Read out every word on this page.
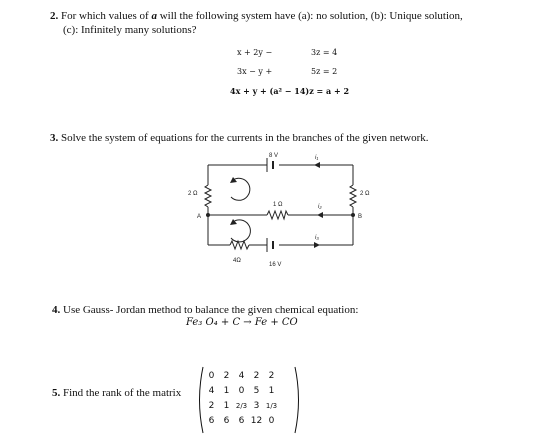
2. For which values of a will the following system have (a): no solution, (b): Unique solution,
(c): Infinitely many solutions?
x + 2y −	3z = 4
3x − y +	5z = 2
4x + y + (a² − 14)z = a + 2
3. Solve the system of equations for the currents in the branches of the given network.
8 V
16 V
2 Ω	2 Ω
1 Ω
4Ω
A	B
i₁
i₂
i₃
4. Use Gauss- Jordan method to balance the given chemical equation:
Fe₃ O₄ + C → Fe + CO
5. Find the rank of the matrix
0	2	4	2	2
4	1	0	5	1
2	1	2/3	3	1/3
6	6	6	12	0
